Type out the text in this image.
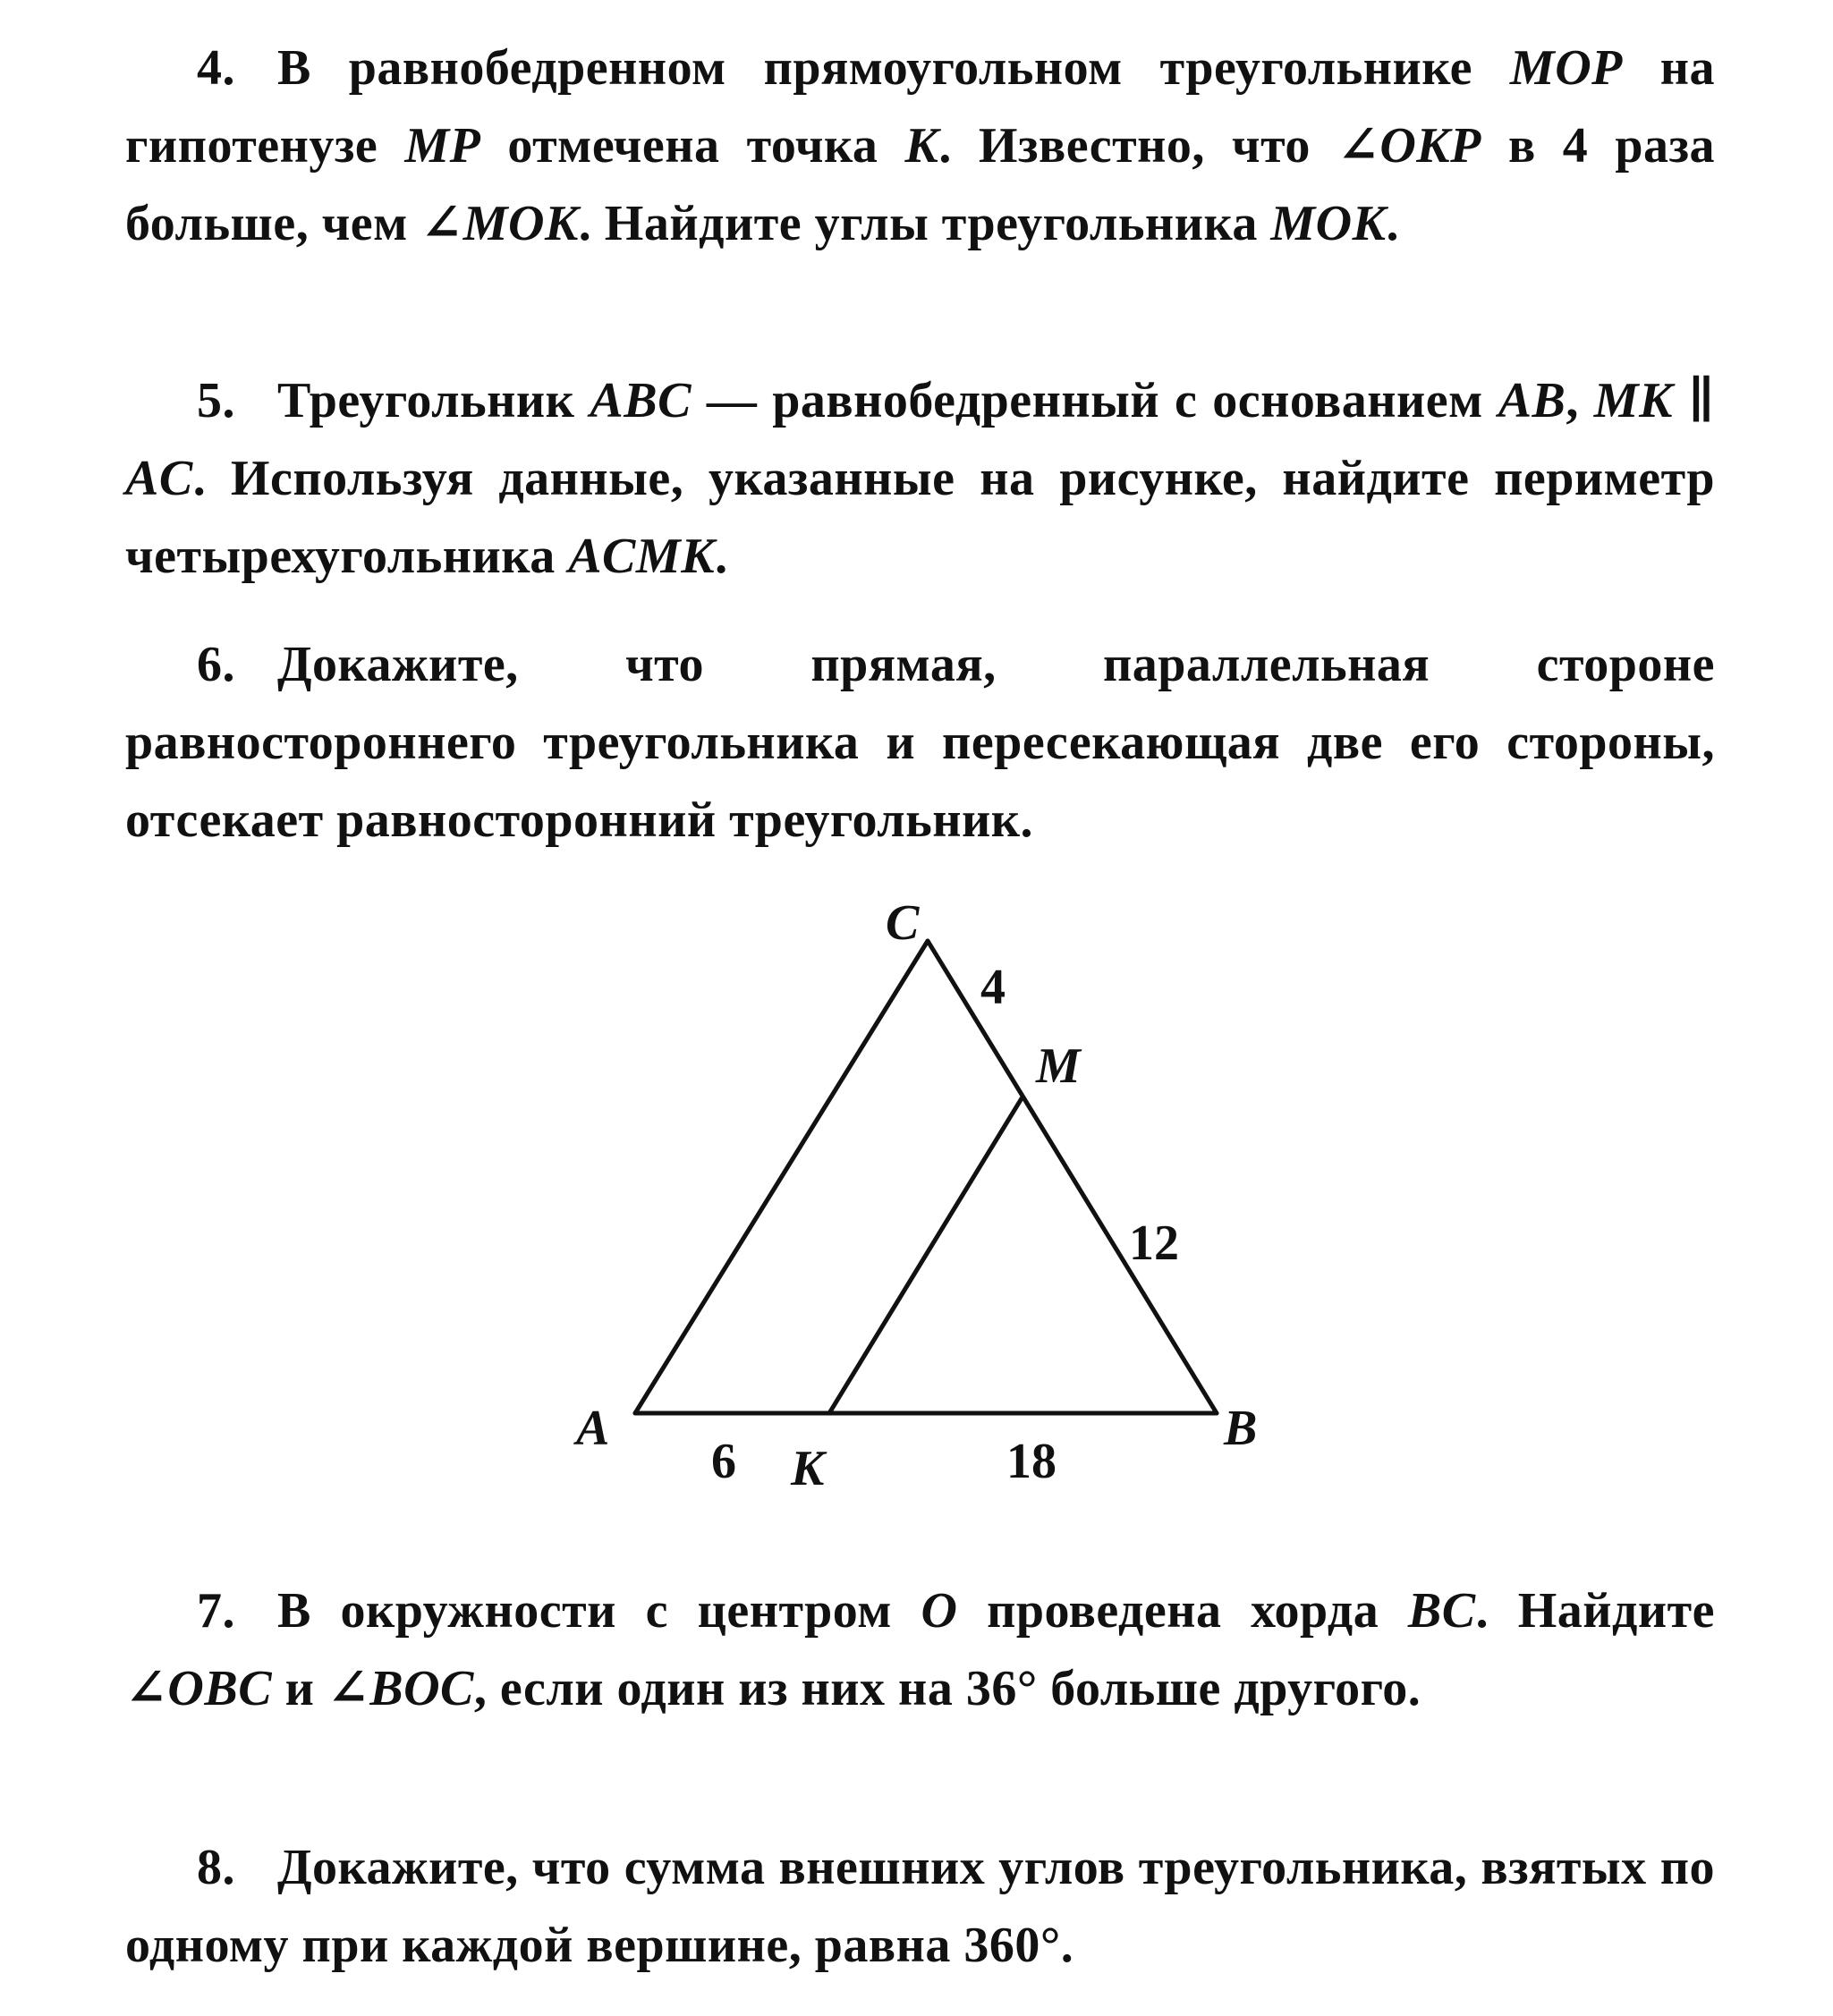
4. В равнобедренном прямоугольном треугольнике MOP на гипотенузе MP отмечена точка K. Известно, что ∠OKP в 4 раза больше, чем ∠MOK. Найдите углы треугольника MOK.
5. Треугольник ABC — равнобедренный с основанием AB, MK ∥ AC. Используя данные, указанные на рисунке, найдите периметр четырехугольника ACMK.
6. Докажите, что прямая, параллельная стороне равностороннего треугольника и пересекающая две его стороны, отсекает равносторонний треугольник.
C
M
A	B
K
4
12
6	18
7. В окружности с центром O проведена хорда BC. Найдите ∠OBC и ∠BOC, если один из них на 36° больше другого.
8. Докажите, что сумма внешних углов треугольника, взятых по одному при каждой вершине, равна 360°.
